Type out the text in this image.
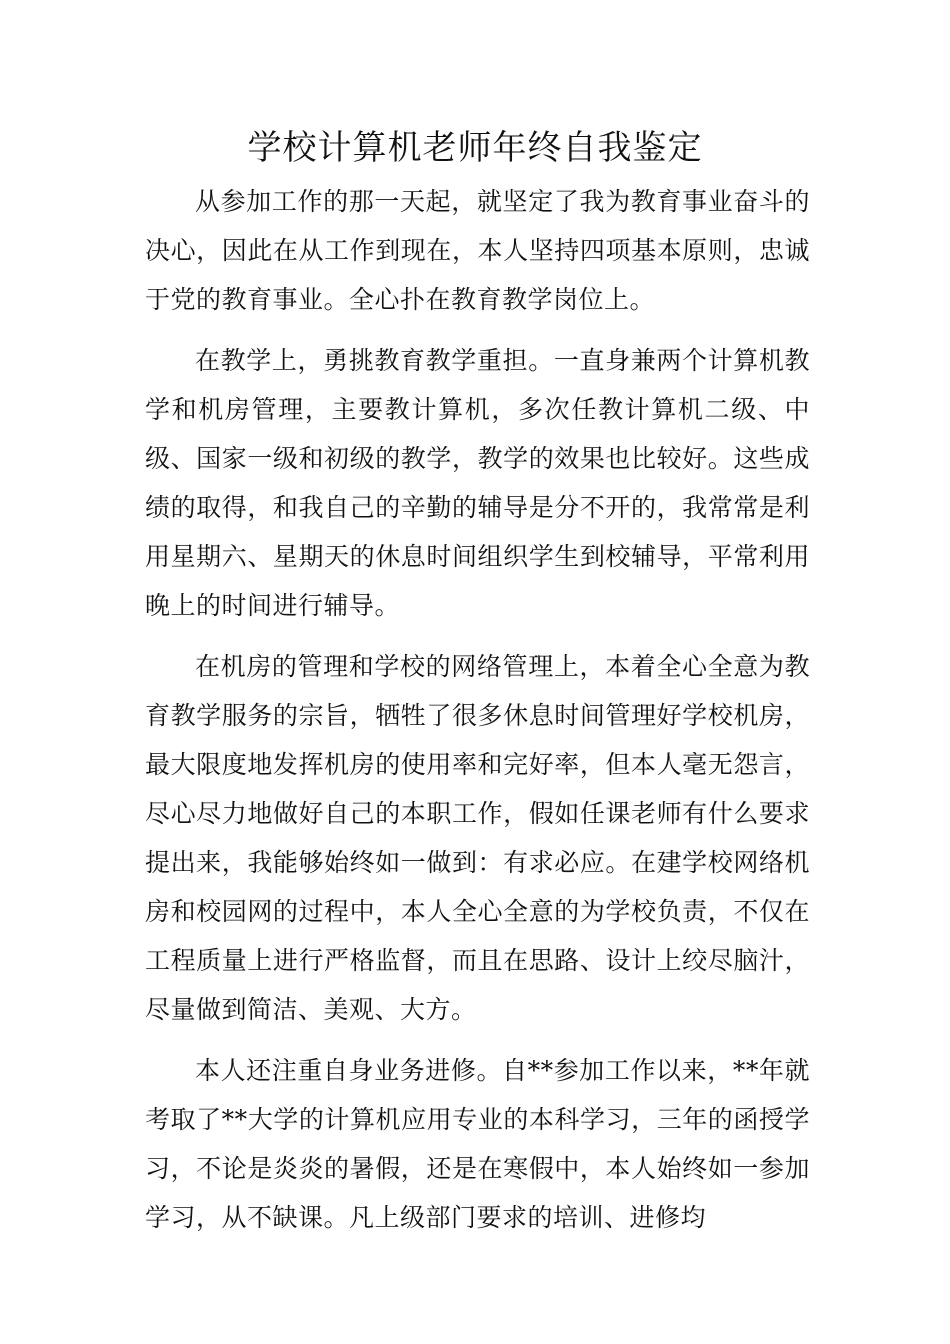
学校计算机老师年终自我鉴定

从参加工作的那一天起，就坚定了我为教育事业奋斗的决心，因此在从工作到现在，本人坚持四项基本原则，忠诚于党的教育事业。全心扑在教育教学岗位上。

在教学上，勇挑教育教学重担。一直身兼两个计算机教学和机房管理，主要教计算机，多次任教计算机二级、中级、国家一级和初级的教学，教学的效果也比较好。这些成绩的取得，和我自己的辛勤的辅导是分不开的，我常常是利用星期六、星期天的休息时间组织学生到校辅导，平常利用晚上的时间进行辅导。

在机房的管理和学校的网络管理上，本着全心全意为教育教学服务的宗旨，牺牲了很多休息时间管理好学校机房，最大限度地发挥机房的使用率和完好率，但本人毫无怨言，尽心尽力地做好自己的本职工作，假如任课老师有什么要求提出来，我能够始终如一做到：有求必应。在建学校网络机房和校园网的过程中，本人全心全意的为学校负责，不仅在工程质量上进行严格监督，而且在思路、设计上绞尽脑汁，尽量做到简洁、美观、大方。

本人还注重自身业务进修。自**参加工作以来，**年就考取了**大学的计算机应用专业的本科学习，三年的函授学习，不论是炎炎的暑假，还是在寒假中，本人始终如一参加学习，从不缺课。凡上级部门要求的培训、进修均
